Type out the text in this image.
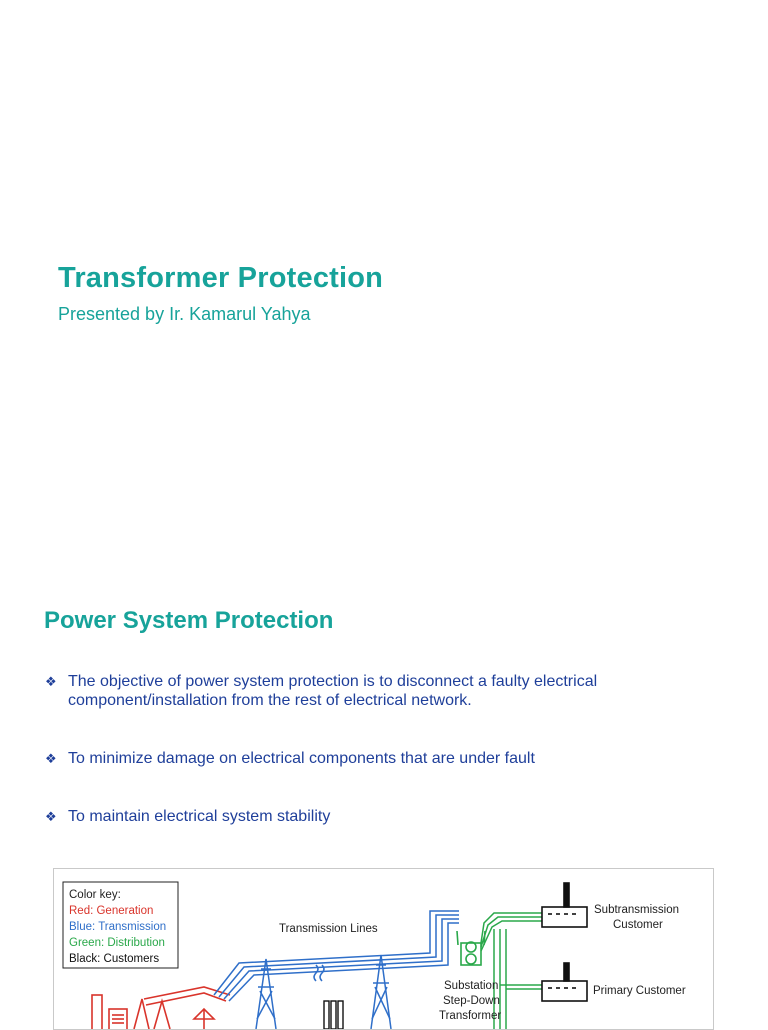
Transformer Protection

Presented by Ir. Kamarul Yahya

Power System Protection
❖ The objective of power system protection is to disconnect a faulty electrical
component/installation from the rest of electrical network.
❖ To minimize damage on electrical components that are under fault
❖ To maintain electrical system stability
Color key:
Red: Generation
Blue: Transmission
Green: Distribution
Black: Customers
Transmission Lines
Substation
Step-Down
Transformer
Subtransmission
Customer
Primary Customer
